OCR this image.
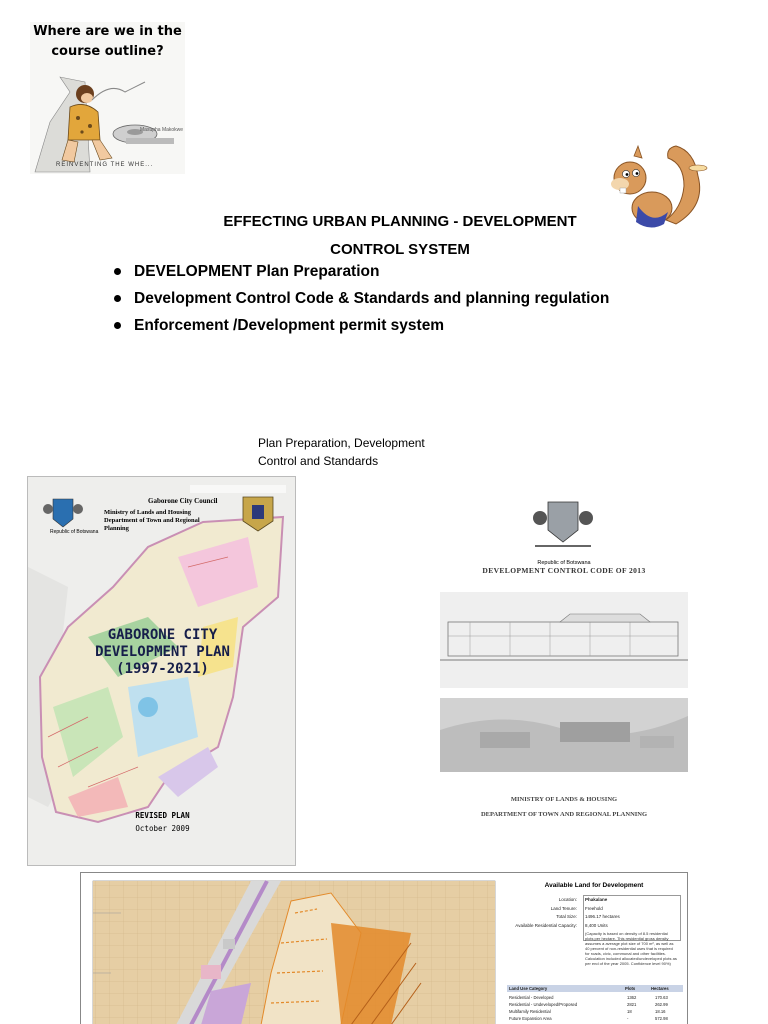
Where are we in the course outline?
Masupha Makokwe
REINVENTING THE WHE...
EFFECTING URBAN PLANNING - DEVELOPMENT
CONTROL SYSTEM
DEVELOPMENT Plan Preparation
Development Control Code & Standards and planning regulation
Enforcement /Development permit system
Plan Preparation, Development
Control and Standards
Gaborone City Council
Ministry of Lands and Housing Department of Town and Regional Planning
Republic of Botswana
GABORONE CITY
DEVELOPMENT PLAN
(1997-2021)
REVISED PLAN
October 2009
Republic of Botswana
DEVELOPMENT CONTROL CODE OF 2013
MINISTRY OF LANDS & HOUSING
DEPARTMENT OF TOWN AND REGIONAL PLANNING
Available Land for Development
Location: Phakalane
Land Tenure: Freehold
Total Size: 1496.17 hectares
Available Residential Capacity: 8,400 Units
(Capacity is based on density of 8.5 residential plots per hectare. This residential gross density assumes a average plot size of 700 m², as well as 40 percent of non-residential uses that is required for roads, civic, communal and other facilities. Calculation included allocated/undeveloped plots as per end of the year 2005. Confidence level 90%)
Land Use Category	Plots	Hectares
Residential - Developed	1362	170.63
Residential - Undeveloped/Proposed	2821	262.99
Multifamily Residential	18	18.16
Future Expansion Area	-	572.98
